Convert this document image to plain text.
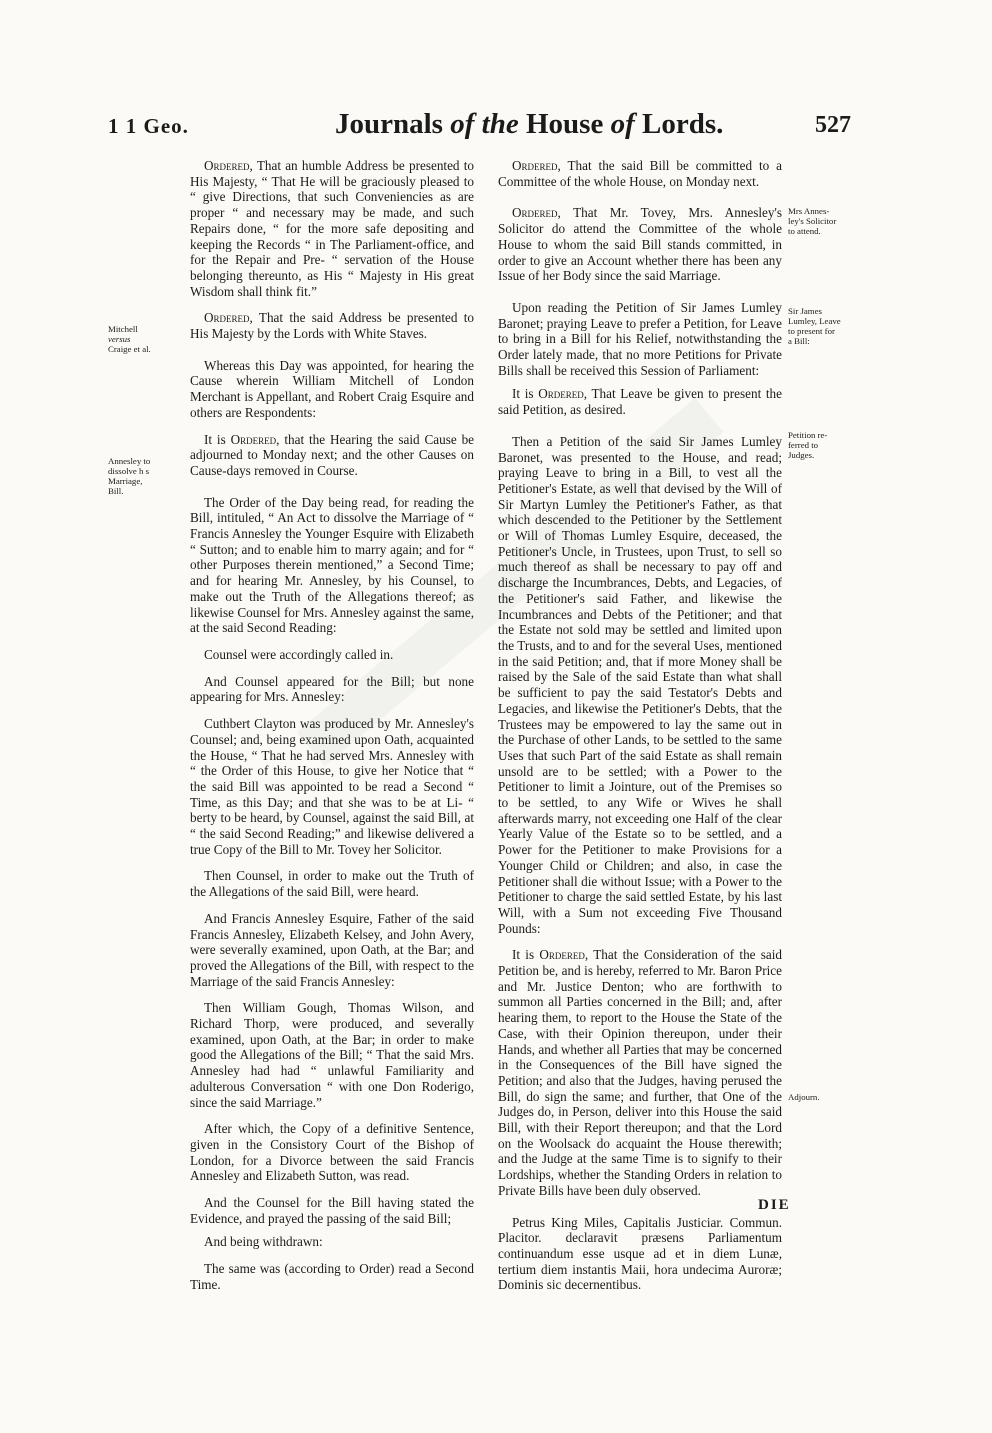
1 1 Geo.	Journals of the House of Lords.	527

Ordered, That an humble Address be presented to His Majesty, “ That He will be graciously pleased to “ give Directions, that such Conveniencies as are proper “ and necessary may be made, and such Repairs done, “ for the more safe depositing and keeping the Records “ in The Parliament-office, and for the Repair and Pre- “ servation of the House belonging thereunto, as His “ Majesty in His great Wisdom shall think fit.”

Ordered, That the said Address be presented to His Majesty by the Lords with White Staves.

Whereas this Day was appointed, for hearing the Cause wherein William Mitchell of London Merchant is Appellant, and Robert Craig Esquire and others are Respondents:

It is Ordered, that the Hearing the said Cause be adjourned to Monday next; and the other Causes on Cause-days removed in Course.

The Order of the Day being read, for reading the Bill, intituled, “ An Act to dissolve the Marriage of “ Francis Annesley the Younger Esquire with Elizabeth “ Sutton; and to enable him to marry again; and for “ other Purposes therein mentioned,” a Second Time; and for hearing Mr. Annesley, by his Counsel, to make out the Truth of the Allegations thereof; as likewise Counsel for Mrs. Annesley against the same, at the said Second Reading:

Counsel were accordingly called in.

And Counsel appeared for the Bill; but none appearing for Mrs. Annesley:

Cuthbert Clayton was produced by Mr. Annesley's Counsel; and, being examined upon Oath, acquainted the House, “ That he had served Mrs. Annesley with “ the Order of this House, to give her Notice that “ the said Bill was appointed to be read a Second “ Time, as this Day; and that she was to be at Li- “ berty to be heard, by Counsel, against the said Bill, at “ the said Second Reading;” and likewise delivered a true Copy of the Bill to Mr. Tovey her Solicitor.

Then Counsel, in order to make out the Truth of the Allegations of the said Bill, were heard.

And Francis Annesley Esquire, Father of the said Francis Annesley, Elizabeth Kelsey, and John Avery, were severally examined, upon Oath, at the Bar; and proved the Allegations of the Bill, with respect to the Marriage of the said Francis Annesley:

Then William Gough, Thomas Wilson, and Richard Thorp, were produced, and severally examined, upon Oath, at the Bar; in order to make good the Allegations of the Bill; “ That the said Mrs. Annesley had had “ unlawful Familiarity and adulterous Conversation “ with one Don Roderigo, since the said Marriage.”

After which, the Copy of a definitive Sentence, given in the Consistory Court of the Bishop of London, for a Divorce between the said Francis Annesley and Elizabeth Sutton, was read.

And the Counsel for the Bill having stated the Evidence, and prayed the passing of the said Bill;

And being withdrawn:

The same was (according to Order) read a Second Time.

Ordered, That the said Bill be committed to a Committee of the whole House, on Monday next.

Ordered, That Mr. Tovey, Mrs. Annesley's Solicitor do attend the Committee of the whole House to whom the said Bill stands committed, in order to give an Account whether there has been any Issue of her Body since the said Marriage.

Upon reading the Petition of Sir James Lumley Baronet; praying Leave to prefer a Petition, for Leave to bring in a Bill for his Relief, notwithstanding the Order lately made, that no more Petitions for Private Bills shall be received this Session of Parliament:

It is Ordered, That Leave be given to present the said Petition, as desired.

Then a Petition of the said Sir James Lumley Baronet, was presented to the House, and read; praying Leave to bring in a Bill, to vest all the Petitioner's Estate, as well that devised by the Will of Sir Martyn Lumley the Petitioner's Father, as that which descended to the Petitioner by the Settlement or Will of Thomas Lumley Esquire, deceased, the Petitioner's Uncle, in Trustees, upon Trust, to sell so much thereof as shall be necessary to pay off and discharge the Incumbrances, Debts, and Legacies, of the Petitioner's said Father, and likewise the Incumbrances and Debts of the Petitioner; and that the Estate not sold may be settled and limited upon the Trusts, and to and for the several Uses, mentioned in the said Petition; and, that if more Money shall be raised by the Sale of the said Estate than what shall be sufficient to pay the said Testator's Debts and Legacies, and likewise the Petitioner's Debts, that the Trustees may be empowered to lay the same out in the Purchase of other Lands, to be settled to the same Uses that such Part of the said Estate as shall remain unsold are to be settled; with a Power to the Petitioner to limit a Jointure, out of the Premises so to be settled, to any Wife or Wives he shall afterwards marry, not exceeding one Half of the clear Yearly Value of the Estate so to be settled, and a Power for the Petitioner to make Provisions for a Younger Child or Children; and also, in case the Petitioner shall die without Issue; with a Power to the Petitioner to charge the said settled Estate, by his last Will, with a Sum not exceeding Five Thousand Pounds:

It is Ordered, That the Consideration of the said Petition be, and is hereby, referred to Mr. Baron Price and Mr. Justice Denton; who are forthwith to summon all Parties concerned in the Bill; and, after hearing them, to report to the House the State of the Case, with their Opinion thereupon, under their Hands, and whether all Parties that may be concerned in the Consequences of the Bill have signed the Petition; and also that the Judges, having perused the Bill, do sign the same; and further, that One of the Judges do, in Person, deliver into this House the said Bill, with their Report thereupon; and that the Lord on the Woolsack do acquaint the House therewith; and the Judge at the same Time is to signify to their Lordships, whether the Standing Orders in relation to Private Bills have been duly observed.

Petrus King Miles, Capitalis Justiciar. Commun. Placitor. declaravit præsens Parliamentum continuandum esse usque ad et in diem Lunæ, tertium diem instantis Maii, hora undecima Auroræ; Dominis sic decernentibus.

Mitchell
versus
Craige et al.
Annesley to
dissolve h s
Marriage,
Bill.
Mrs Annes-
ley's Solicitor
to attend.
Sir James
Lumley, Leave
to present for
a Bill:
Petition re-
ferred to
Judges.
Adjourn.
DIE
